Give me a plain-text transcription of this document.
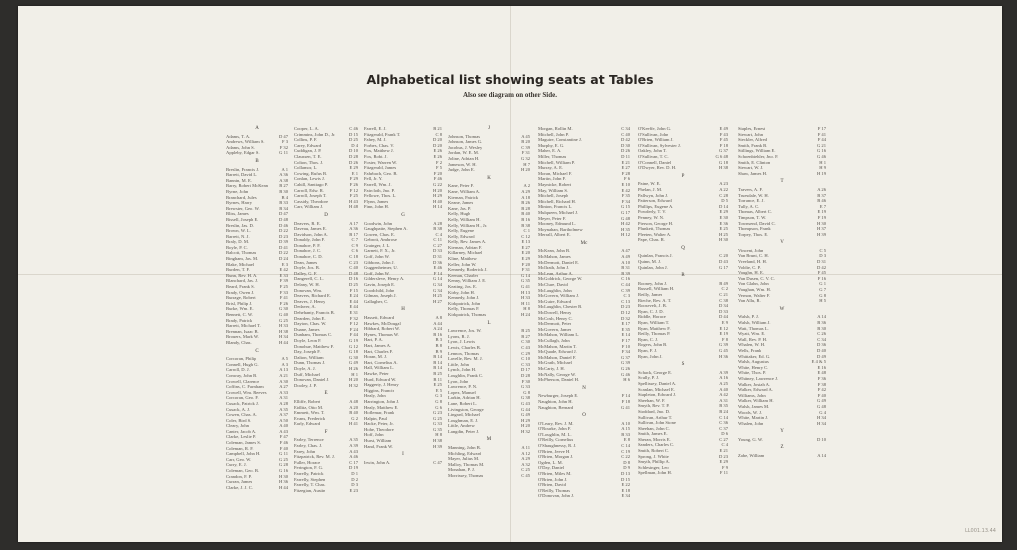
Alphabetical list showing seats at Tables
Also see diagram on other Side.
A
Adams, T. A.	D 47
Andrews, William S.	F 3
Adams, John S.	F 32
Appleby, Edgar S.	G 11
B
Breslin, Francis J.	A 1
Barrett, David L.	A 36
Bannin, M. E.	A 38
Barry, Robert McKean	B 27
Byrne, John	B 30
Branchard, Jules	B 4
Byrnes, Harry	B 33
Brewster, Geo. W.	B 34
Bliss, James	D 47
Bissell, Joseph E.	D 48
Breslin, Jas. D.	D 46
Brown, W. L.	D 22
Barrett, N. J.	D 23
Braly, D. M.	D 39
Boyle, P. C.	D 41
Balcott, Thomas	D 22
Bingham, Jas. M.	D 24
Blake, Michael	E 3
Burden, T. F.	E 42
Bunn, Rev. H. A.	E 33
Blanchard, Jas. J.	F 39
Beard, Frank S.	F 25
Brady, Owen J.	F 33
Burrage, Robert	F 41
Brisl, Philip J.	F 26
Burke, Wm. E.	G 30
Bennett, C. W.	G 40
Brady, Patrick	G 25
Barrett, Michael T.	H 33
Brennan, Isaac B.	H 38
Brouers, Mark W.	H 34
Blandy, Chas.	H 44
C
Corcoran, Philip	A 5
Connell, Hugh G.	A 3
Carroll, D. J.	A 13
Conway, John B.	A 21
Crowell, Clarence	A 30
Coffins, C. Farnham	A 27
Crowell, Wm. Reeves	A 33
Corcoran, Geo. F.	A 31
Cusack, Patrick J.	A 28
Cusack, A. J.	A 35
Cowen, Chas. A.	A 37
Coler, Bird S.	A 50
Cleary, John	A 40
Canter, Jacob A.	A 43
Clarke, Leslie P.	F 47
Coleman, James S.	F 46
Coleman, R. F.	F 40
Campbell, John H.	G 11
Carr, Geo. W.	G 25
Curry, E. J.	G 28
Coleman, Geo. B.	G 16
Crandon, F. P.	H 30
Curran, James	H 36
Clarke, J. J. C.	H 44
Cooper, L. A.	C 46
Crimmins, John D., Jr.	D 15
Collins, P. F.	D 25
Carey, Edward	D 4
Cuddigan, J. P.	D 10
Claussen, T. E.	D 28
Colton, Thos. J.	D 26
Collamor, L.	E 29
Cowing, Rufus B.	E 1
Conlan, Lewis J.	F 29
Cahill, Santiago P.	F 26
Carroll, Edw. R.	F 12
Carroll, Joseph T.	F 25
Cassidy, Theodore	H 43
Carr, William J.	H 48
D
Deavers, R. E.	A 17
Daveau, James E.	A 36
Davidson, John A.	B 17
Donaldy, John F.	C 7
Donahoe, P. F.	C 9
Donahoe, J. C.	C 6
Donahoe, C. D.	C 18
Dean, James	C 23
Doyle, Jos. B.	C 40
Dalley, G. F.	D 48
Dangerell, C. L.	D 16
Delany, W. H.	D 25
Donovan, Wm.	F 15
Deavers, Richard E.	E 24
Deaves, J. Henry	E 44
Dedaver, A.	E 44
Dehehanty, Francis B.	E 31
Dearden, John E.	F 32
Dayton, Chas. W.	F 12
Duane, James	F 24
Dunham, Thomas C.	F 44
Doyle, Leon F.	G 19
Donohue, Matthew F.	G 12
Day, Joseph F.	G 18
Dalton, William	G 30
Dunn, Thomas J.	G 49
Doyle, A. J.	H 26
Duff, Michael	H 1
Donovan, Daniel J.	H 20
Dooley, J. P.	H 32
E
Elliffe, Robert	A 48
Eidlitz, Otto M.	A 20
Emmett, Wm. T.	B 40
Evans, Frederick	G 2
Early, Edward	H 41
F
Farley, Terrence	A 35
Farley, Chas. J.	A 39
Farey, John	A 43
Fitzpatrick, Rev. M. J.	A 46
Fuller, Horace	C 17
Ferington, F. G.	D 19
Farrelly, Patrick	D 1
Farrelly, Stephen	D 2
Farrelly, T. Chas.	D 3
Fitzegian, Austin	E 23
Farrell, E. J.	B 21
Fitzgerald, Frank T.	C 8
Fahey, M. J.	D 20
Forbes, Chas. V.	D 20
Fox, Matthew J.	E 26
Fox, Robt. J.	E 26
Foster, Warren W.	F 2
Fitzgerald, James	F 5
Fahrbach, Geo. B.	F 20
Fell, Jr. Y.	F 46
Farrell, Wm. J.	G 22
Faircloth, Jno. P.	H 20
Fellowe, Thos. L.	H 29
Flynn, James	H 40
Finn, John H.	H 14
G
Goodwin, John	A 28
Gaughpatte, Stephen A.	B 38
Gowen, Chas. E.	C 4
Gebrott, Ambrose	C 11
Grainger, J. L.	C 27
Garnett, F. X., Jr.	D 33
Goff, John W.	D 31
Gibbons, John J.	D 36
Guggenheimer, U.	E 46
Goff, John W.	F 14
Gildersleve, Henry A.	G 14
Gavin, Joseph E.	G 34
Goodchild, John	G 34
Gilman, Joseph J.	H 25
Gallagher, C.	H 27
H
Hassett, Edward	A 8
Hawkes, McDougal	A 44
Hibbard, Robert W.	A 24
Hynes, Thomas W.	B 16
Hart, P. A.	B 3
Hart, James A.	B 8
Hart, Charles F.	B 9
Horan, M. J.	B 14
Hart, Cornelius A.	B 14
Hall, William L.	B 14
Hawke, Peter	B 25
Hurd, Edward W.	B 11
Haggerty, J. Henry	E 25
Higgins, Francis	E 5
Healy, John	G 3
Harrington, John J.	G 8
Healy, Matthew E.	G 6
Hoflemar, Frank	G 23
Halpin, Paul	G 25
Hacke, Peter, Jr.	G 33
Hohe, Theodore	G 35
Hoff, John	H 8
Hurst, William	H 38
Hand, Frank W.	H 39
I
Irwin, John A.	C 47
J
Johnson, Thomas	A 45
Johnson, James G.	B 20
Jacobus, J. Wesley	C 39
Jordan, W. E. M.	F 31
Joline, Adrian H.	G 32
Jameson, W. H.	H 7
Judge, John E.	H 20
K
Kane, Peter F.	A 2
Kane, William A.	A 29
Kiernan, Patrick	A 18
Keane, James	B 26
Kane, Jas. P.	B 28
Kelly, Hugh	B 40
Kelly, William H.	B 16
Kelly, William H., Jr.	B 38
Kelly, Eugene	C 1
Kelly, Edward	C 12
Kelly, Rev. James A.	E 13
Kiernan, Adrian F.	E 27
Killarney, Michael	E 20
Kline, Matthew	E 29
Keller, John W.	F 20
Kennedy, Roderick J.	F 31
Keenan, Charles	G 14
Kenny, William J. E.	G 35
Keating, Jos. E.	G 41
Kirby, John H.	H 13
Kennedy, John J.	H 33
Kirkpatrick, John	H 11
Kelly, Thomas F.	H 8
Kirkpatrick, Thomas	H 24
L
Lawrence, Jos. W.	B 25
Lyons, R. J.	B 27
Lyon, J. Lewis	C 30
Lewis, Charles B.	C 43
Lennox, Thomas	C 29
Lavelle, Rev. M. J.	C 10
Little, John	C 33
Lynch, John H.	D 17
Loughlin, Frank C.	D 28
Lyon, John	F 30
Lawrence, P. N.	G 33
Lopez, Manuel	G 8
Larkin, Adrian H.	G 38
Lane, Robert L.	G 43
Livingston, George	G 44
Lingard, Michael	G 49
Loughman, E. J.	H 29
Little, Andrew	H 20
Langdin, Peter J.	H 32
M
Manning, John B.	A 11
Michling, Edward	A 12
Mayer, Julius M.	A 29
Malloy, Thomas M.	A 32
Monahan, P. J.	C 25
Morrissey, Thomas	C 45
Morgan, Rollin M.	C 34
Mitchell, John P.	C 40
Maguire, Constantine J.	D 42
Murphy, E. G.	D 30
Maher, E. A.	D 26
Miller, Thomas	D 11
Mitchell, William P.	E 21
Murray, A. E.	E 27
Moran, Michael F.	F 28
Martin, John F.	F 6
Maynicke, Robert	E 10
May, William S.	E 42
Mitchell, Joseph	F 35
Mitchell, Richard H.	F 34
Minton, Francis L.	G 15
Mulqueen, Michael J.	G 17
Meyer, Peter F.	G 48
Mooney, Edmund L.	H 42
Moynahan, Bartholmew	H 35
Merrall, Albert E.	H 12
Mc
McKean, John B.	A 47
McMahon, James	A 49
McDermott, Daniel E.	A 10
McIlrath, John J.	B 31
McLean, Arthur A.	B 39
McGoldrick, George W.	C 16
McClure, David	C 44
McLaughlin, John	C 39
McGovern, William J.	C 3
McGuire, Edward	C 13
McLaughlin, Chester B.	D 23
McDowell, Henry	D 12
McCosh, Henry C.	D 32
McDermott, Peter	E 17
McGovern, James	E 35
McMahon, William L.	E 14
McCullagh, John	F 17
McMahon, Martin T.	F 10
McQuade, Edward J.	F 34
McMahon, Daniel F.	G 37
McGrath, Michael	G 39
McCarty, J. H.	G 26
McNally, George W.	G 46
McPherson, Daniel H.	H 6
N
Newburger, Joseph E.	F 14
Naughton, John H.	F 18
Naughton, Bernard	G 41
O
O'Leary, Rev. J. M.	A 10
O'Rourke, John F.	A 15
O'Loughlin, M. L.	B 33
O'Reilly, Cornelius	E 8
O'Shaughnessy, R. J.	C 14
O'Brien, Jeeve H.	C 19
O'Brien, Morgan J.	C 22
Ogden, L. M.	D 8
O'Day, Daniel	D 9
O'Brien, Miles M.	D 13
O'Brien, John J.	D 15
O'Brien, David	E 22
O'Reilly, Thomas	E 18
O'Donovan, John J.	E 34
O'Keeffe, John G.	E 49
O'Sullivan, John	F 43
O'Brien, William J.	F 45
O'Sullivan, Sylvester J.	F 18
Oakley, John T.	G 37
O'Sullivan, T. C.	G 6 48
O'Connell, Daniel	G 18
O'Dwyer, Rev. D. H.	H 38
P
Paine, W. E.	A 23
Phelan, J. M.	A 22
Pallwyn, John J.	C 28
Patterson, Edward	D 5
Phillips, Eugene A.	D 14
Powderly, T. V.	E 29
Penney, W. N.	E 30
Pierson, George H.	E 36
Plunkett, Thomas	E 25
Pleeten, Walter A.	H 25
Pape, Chas. R.	H 30
Q
Quinlan, Francis J.	C 20
Quinn, M. J.	D 43
Quinlan, John J.	G 17
R
Rooney, John J.	B 49
Russell, William H.	C 2
Reilly, James	C 21
Rieche, Rev. A. T.	C 38
Roosevelt, J. B.	D 34
Ryan, C. J. D.	D 33
Riddle, Horace	D 44
Ryan, William T.	E 9
Ryan, Matthew F.	E 12
Reilly, Thomas P.	E 19
Ryan, C. J.	F 8
Rogers, John B.	G 39
Ryan, F. J.	G 45
Ryan, John J.	H 36
S
Schack, George E.	A 39
Scully, P. J.	A 16
Spellissey, Daniel A.	A 25
Scanlan, Michael E.	A 40
Stapleton, Edward J.	A 42
Sheehan, W. F.	A 31
Smyth, Rev. T. P.	B 35
Stoddard, Jno. D.	B 24
Sullivan, Arthur T.	C 14
Sullivan, John Stone	C 36
Sheehan, John C.	C 37
Smith, James E.	D 6
Sheran, Morris E.	C 27
Sanders, Charles C.	C 4
Smith, Robert C.	E 21
Sprong, J. White	D 23
Smyth, Phillip A.	E 29
Schlesinger, Leo	F 9
Spellman, John H.	F 11
Staples, Ernest	F 17
Stewart, John	F 41
Steckler, Alfred	F 44
Smith, Frank B.	G 21
Stillings, William E.	G 16
Schoenbiehler, Jno. F.	G 46
Smith, E. Clinton	H 1
Stewart, W. J.	H 9
Shaw, James H.	H 19
T
Travers, A. F.	A 26
Truesdale, W. H.	B 37
Torrance, E. J.	B 46
Tully, A. C.	E 7
Thomas, Albert C.	E 19
Timpson, T. W.	F 19
Townsend, David C.	H 30
Thompson, Frank	H 37
Torpey, Thos. E.	H 39
V
Vincent, John	C 5
Van Brunt, C. H.	D 3
Vreeland, H. H.	D 31
Voldie, C. P.	D 42
Vaughn, H. E.	F 45
Van Dusen, C. V. C.	F 16
Von Glahn, John	G 1
Vaughan, Wm. H.	G 7
Vernon, Walter F.	G 8
Van Allu, R.	H 5
W
Walsh, P. J.	A 14
Walsh, William J.	B 36
Watt, Thomas L.	B 30
Wyatt, Wm. E.	C 26
Wall, Rev. P. H.	C 34
Whalen, W. H.	D 36
Wells, Frank	D 40
Whittaker, Ed. G.	D 49
Walsh, Augustus	E 4 & 5
White, Henry C.	E 16
White, Thos. P.	E 48
Whitney, Lawrence J.	F 36
Walker, Josiah A.	F 38
Walker, Edward A.	F 42
Williams, John	F 40
Walker, William H.	G 49
Walsh, James M.	G 48
Woods, W. J.	G 4
White, Martin J.	H 34
Whalen, John	H 34
Y
Young, G. W.	D 10
Z
Zabe, William	A 14
LL001.13.44
